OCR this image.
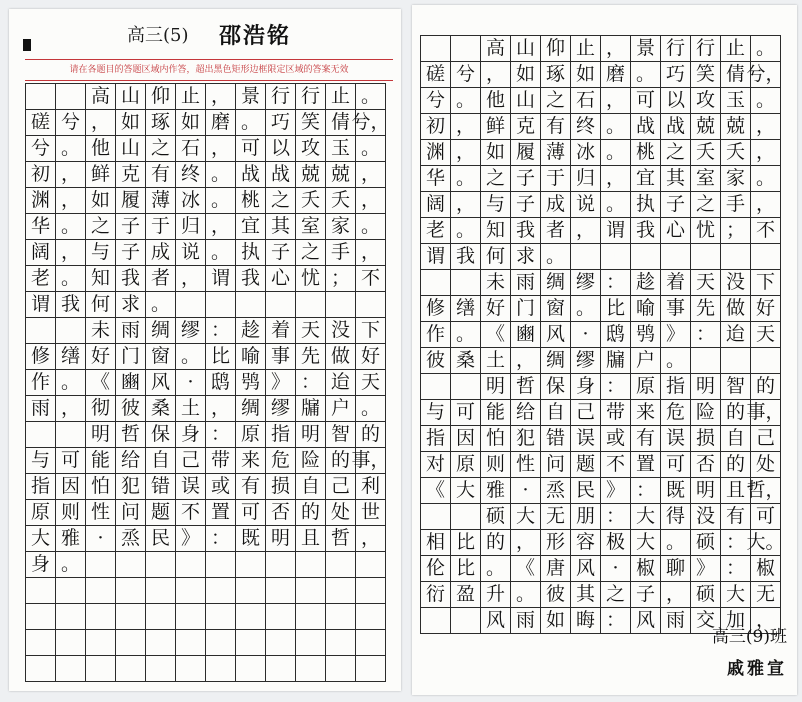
高三(5) 邵浩铭
请在各题目的答题区域内作答，超出黑色矩形边框限定区域的答案无效

高 山 仰 止 ， 景 行 行 止 。
磋 兮 ， 如 琢 如 磨 。 巧 笑 倩 兮，
兮 。 他 山 之 石 ， 可 以 攻 玉 。
初 ， 鲜 克 有 终 。 战 战 兢 兢 ，
渊 ， 如 履 薄 冰 。 桃 之 夭 夭 ，
华 。 之 子 于 归 ， 宜 其 室 家 。
阔 ， 与 子 成 说 。 执 子 之 手 ，
老 。 知 我 者 ， 谓 我 心 忧 ； 不
谓 我 何 求 。

未 雨 绸 缪 ： 趁 着 天 没 下
修 缮 好 门 窗 。 比 喻 事 先 做 好
作 。 《 豳 风 · 鸱 鸮 》 ： 迨 天
雨 ， 彻 彼 桑 土 ， 绸 缪 牖 户 。

明 哲 保 身 ： 原 指 明 智 的
与 可 能 给 自 己 带 来 危 险 的 事，
指 因 怕 犯 错 误 或 有 损 自 己 利
原 则 性 问 题 不 置 可 否 的 处 世
大 雅 · 烝 民 》 ： 既 明 且 哲 ，
身 。

高 山 仰 止 ， 景 行 行 止 。
磋 兮 ， 如 琢 如 磨 。 巧 笑 倩 兮，
兮 。 他 山 之 石 ， 可 以 攻 玉 。
初 ， 鲜 克 有 终 。 战 战 兢 兢 ，
渊 ， 如 履 薄 冰 。 桃 之 夭 夭 ，
华 。 之 子 于 归 ， 宜 其 室 家 。
阔 ， 与 子 成 说 。 执 子 之 手 ，
老 。 知 我 者 ， 谓 我 心 忧 ； 不
谓 我 何 求 。

未 雨 绸 缪 ： 趁 着 天 没 下
修 缮 好 门 窗 。 比 喻 事 先 做 好
作 。 《 豳 风 · 鸱 鸮 》 ： 迨 天
彼 桑 土 ， 绸 缪 牖 户 。

明 哲 保 身 ： 原 指 明 智 的
与 可 能 给 自 己 带 来 危 险 的 事，
指 因 怕 犯 错 误 或 有 误 损 自 己
对 原 则 性 问 题 不 置 可 否 的 处
《 大 雅 · 烝 民 》 ： 既 明 且 哲，

硕 大 无 朋 ： 大 得 没 有 可
相 比 的 ， 形 容 极 大 。 硕 ： 大。
伦 比 。 《 唐 风 · 椒 聊 》 ： 椒
衍 盈 升 。 彼 其 之 子 ， 硕 大 无

风 雨 如 晦 ： 风 雨 交 加 ，
高三(9)班
戚雅宣
